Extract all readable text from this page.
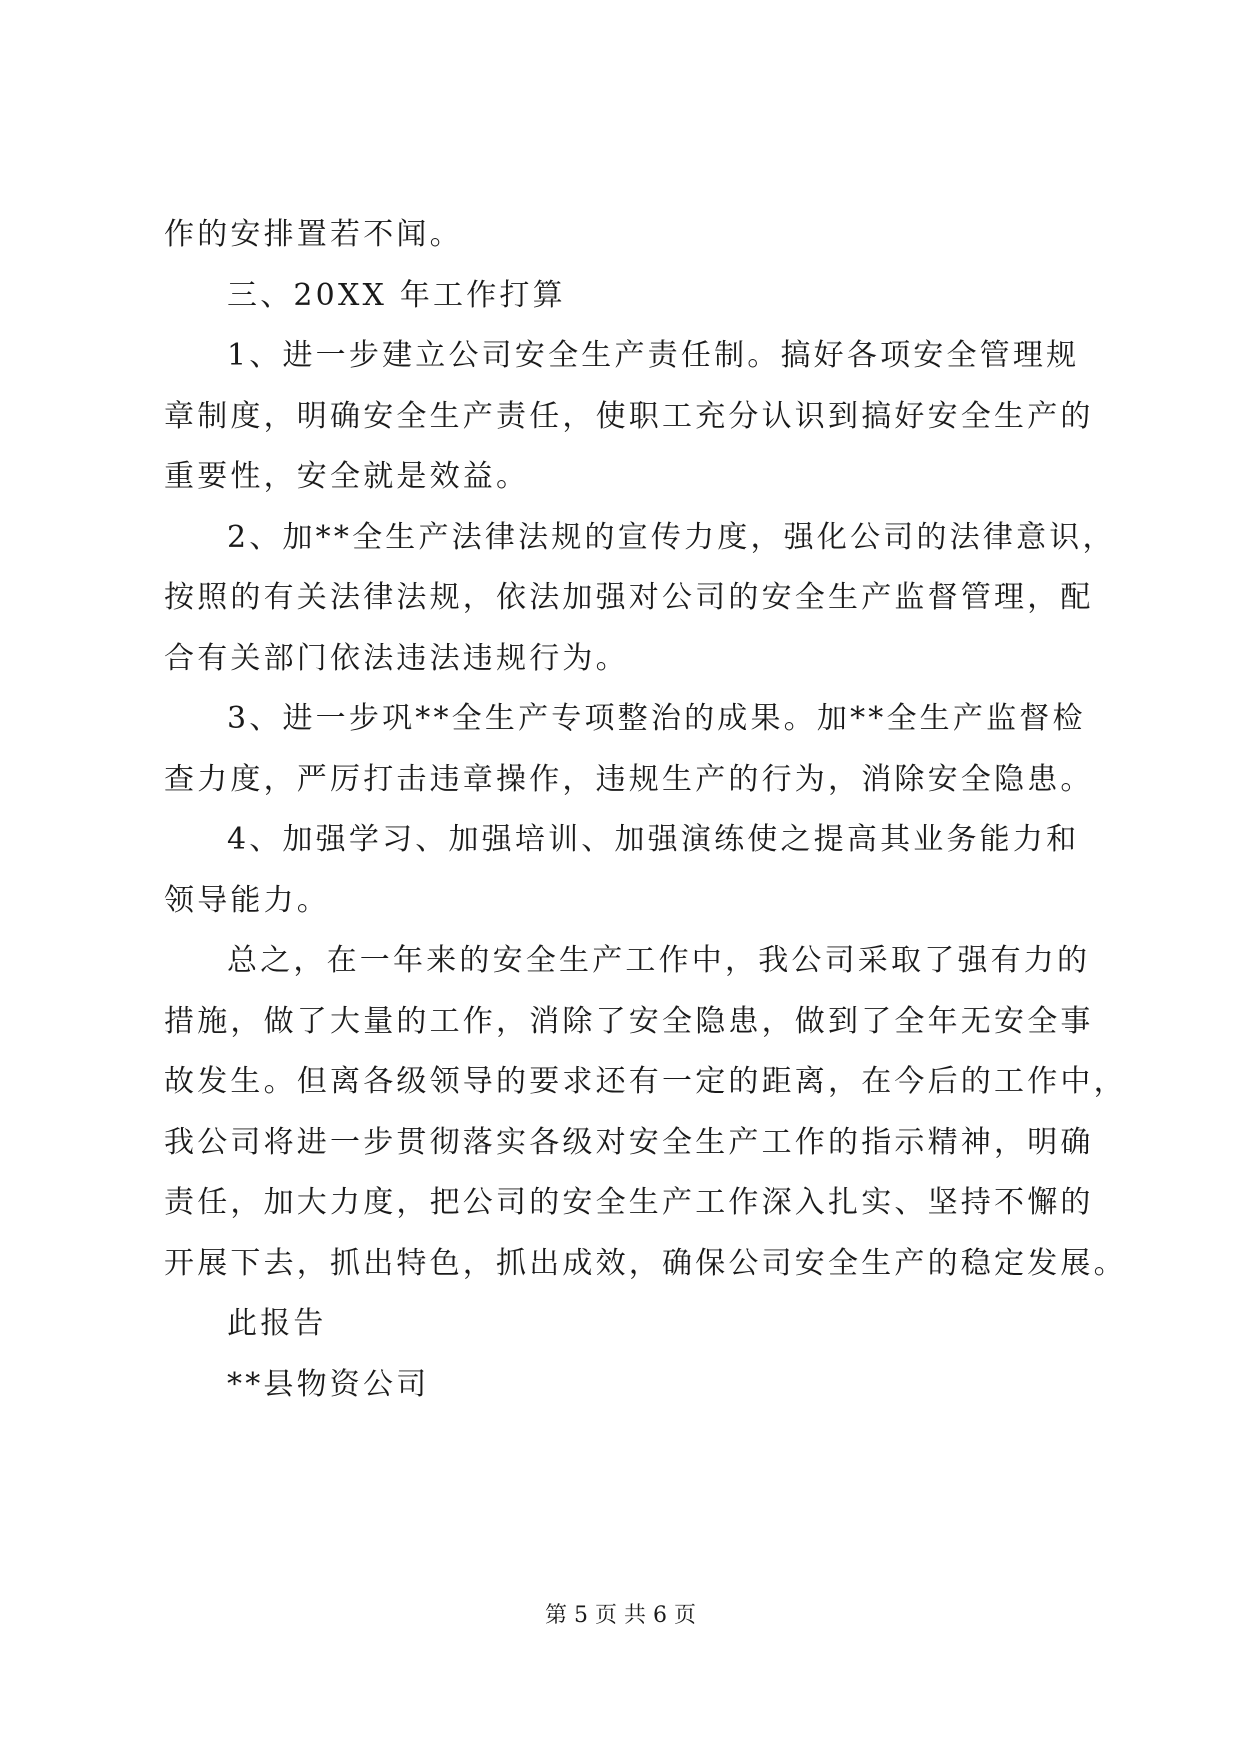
作的安排置若不闻。
三、20XX 年工作打算
1、进一步建立公司安全生产责任制。搞好各项安全管理规
章制度，明确安全生产责任，使职工充分认识到搞好安全生产的
重要性，安全就是效益。
2、加**全生产法律法规的宣传力度，强化公司的法律意识，
按照的有关法律法规，依法加强对公司的安全生产监督管理，配
合有关部门依法违法违规行为。
3、进一步巩**全生产专项整治的成果。加**全生产监督检
查力度，严厉打击违章操作，违规生产的行为，消除安全隐患。
4、加强学习、加强培训、加强演练使之提高其业务能力和
领导能力。
总之，在一年来的安全生产工作中，我公司采取了强有力的
措施，做了大量的工作，消除了安全隐患，做到了全年无安全事
故发生。但离各级领导的要求还有一定的距离，在今后的工作中，
我公司将进一步贯彻落实各级对安全生产工作的指示精神，明确
责任，加大力度，把公司的安全生产工作深入扎实、坚持不懈的
开展下去，抓出特色，抓出成效，确保公司安全生产的稳定发展。
此报告
**县物资公司
第 5 页 共 6 页
